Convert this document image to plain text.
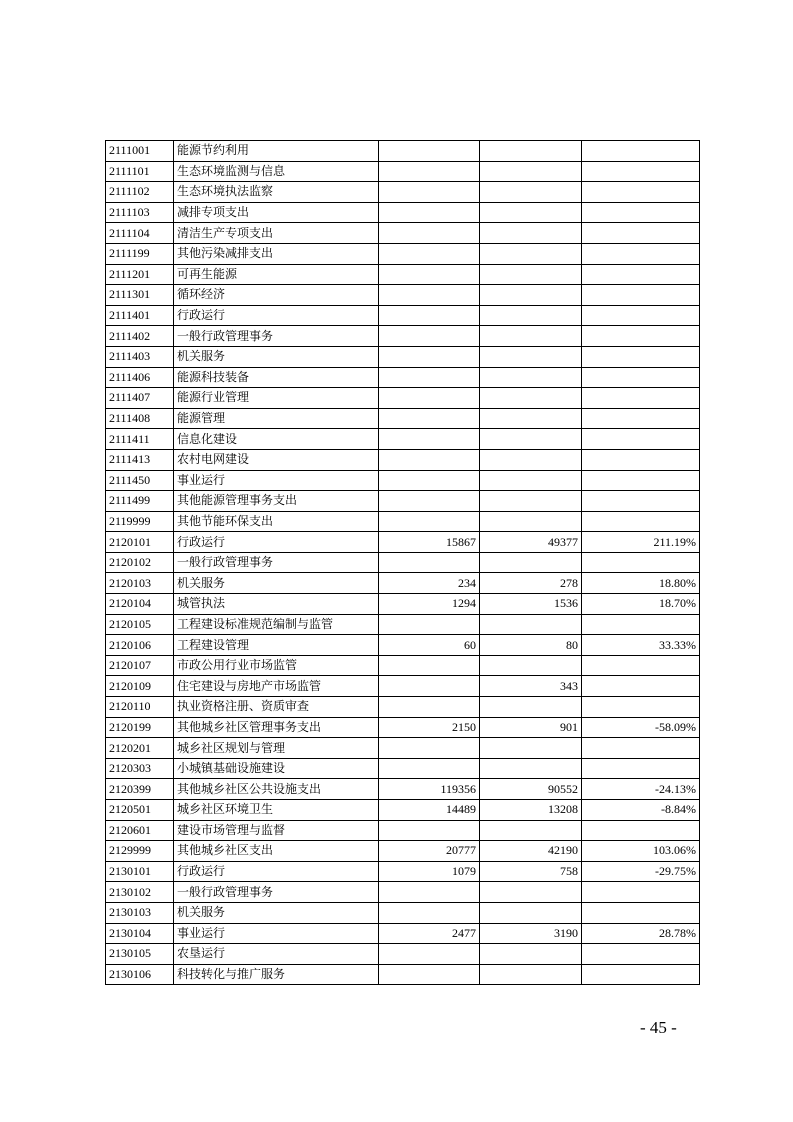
2111001	能源节约利用			
2111101	生态环境监测与信息			
2111102	生态环境执法监察			
2111103	减排专项支出			
2111104	清洁生产专项支出			
2111199	其他污染减排支出			
2111201	可再生能源			
2111301	循环经济			
2111401	行政运行			
2111402	一般行政管理事务			
2111403	机关服务			
2111406	能源科技装备			
2111407	能源行业管理			
2111408	能源管理			
2111411	信息化建设			
2111413	农村电网建设			
2111450	事业运行			
2111499	其他能源管理事务支出			
2119999	其他节能环保支出			
2120101	行政运行	15867	49377	211.19%
2120102	一般行政管理事务			
2120103	机关服务	234	278	18.80%
2120104	城管执法	1294	1536	18.70%
2120105	工程建设标准规范编制与监管			
2120106	工程建设管理	60	80	33.33%
2120107	市政公用行业市场监管			
2120109	住宅建设与房地产市场监管		343	
2120110	执业资格注册、资质审查			
2120199	其他城乡社区管理事务支出	2150	901	-58.09%
2120201	城乡社区规划与管理			
2120303	小城镇基础设施建设			
2120399	其他城乡社区公共设施支出	119356	90552	-24.13%
2120501	城乡社区环境卫生	14489	13208	-8.84%
2120601	建设市场管理与监督			
2129999	其他城乡社区支出	20777	42190	103.06%
2130101	行政运行	1079	758	-29.75%
2130102	一般行政管理事务			
2130103	机关服务			
2130104	事业运行	2477	3190	28.78%
2130105	农垦运行			
2130106	科技转化与推广服务			
- 45 -
